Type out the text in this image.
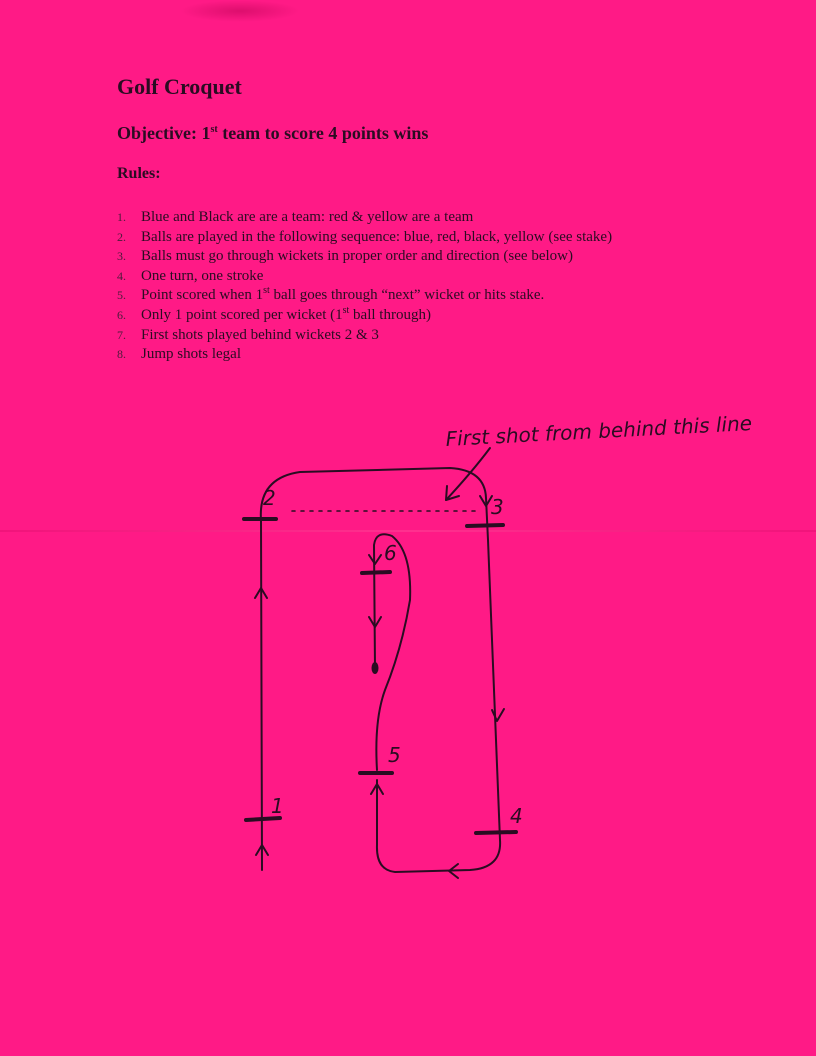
Golf Croquet

Objective: 1st team to score 4 points wins

Rules:

1. Blue and Black are are a team: red & yellow are a team
2. Balls are played in the following sequence: blue, red, black, yellow (see stake)
3. Balls must go through wickets in proper order and direction (see below)
4. One turn, one stroke
5. Point scored when 1st ball goes through “next” wicket or hits stake.
6. Only 1 point scored per wicket (1st ball through)
7. First shots played behind wickets 2 & 3
8. Jump shots legal
First shot from behind this line
1
2	3
4
5
6
